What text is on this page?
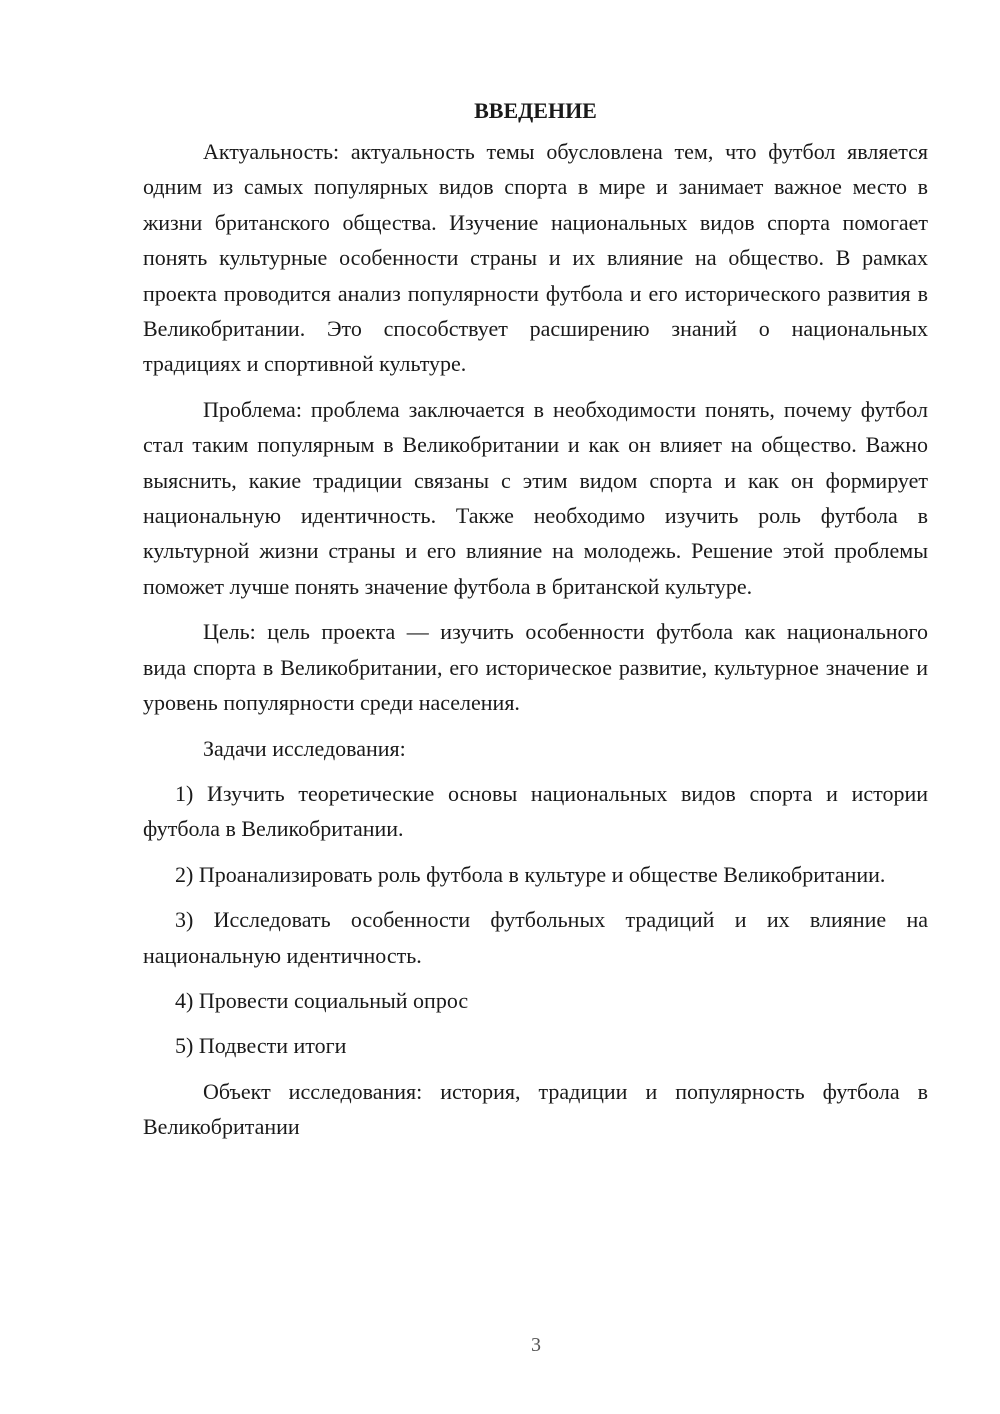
ВВЕДЕНИЕ

Актуальность: актуальность темы обусловлена тем, что футбол является одним из самых популярных видов спорта в мире и занимает важное место в жизни британского общества. Изучение национальных видов спорта помогает понять культурные особенности страны и их влияние на общество. В рамках проекта проводится анализ популярности футбола и его исторического развития в Великобритании. Это способствует расширению знаний о национальных традициях и спортивной культуре.

Проблема: проблема заключается в необходимости понять, почему футбол стал таким популярным в Великобритании и как он влияет на общество. Важно выяснить, какие традиции связаны с этим видом спорта и как он формирует национальную идентичность. Также необходимо изучить роль футбола в культурной жизни страны и его влияние на молодежь. Решение этой проблемы поможет лучше понять значение футбола в британской культуре.

Цель: цель проекта — изучить особенности футбола как национального вида спорта в Великобритании, его историческое развитие, культурное значение и уровень популярности среди населения.

Задачи исследования:

1) Изучить теоретические основы национальных видов спорта и истории футбола в Великобритании.

2) Проанализировать роль футбола в культуре и обществе Великобритании.

3) Исследовать особенности футбольных традиций и их влияние на национальную идентичность.

4) Провести социальный опрос

5) Подвести итоги

Объект исследования: история, традиции и популярность футбола в Великобритании

3
